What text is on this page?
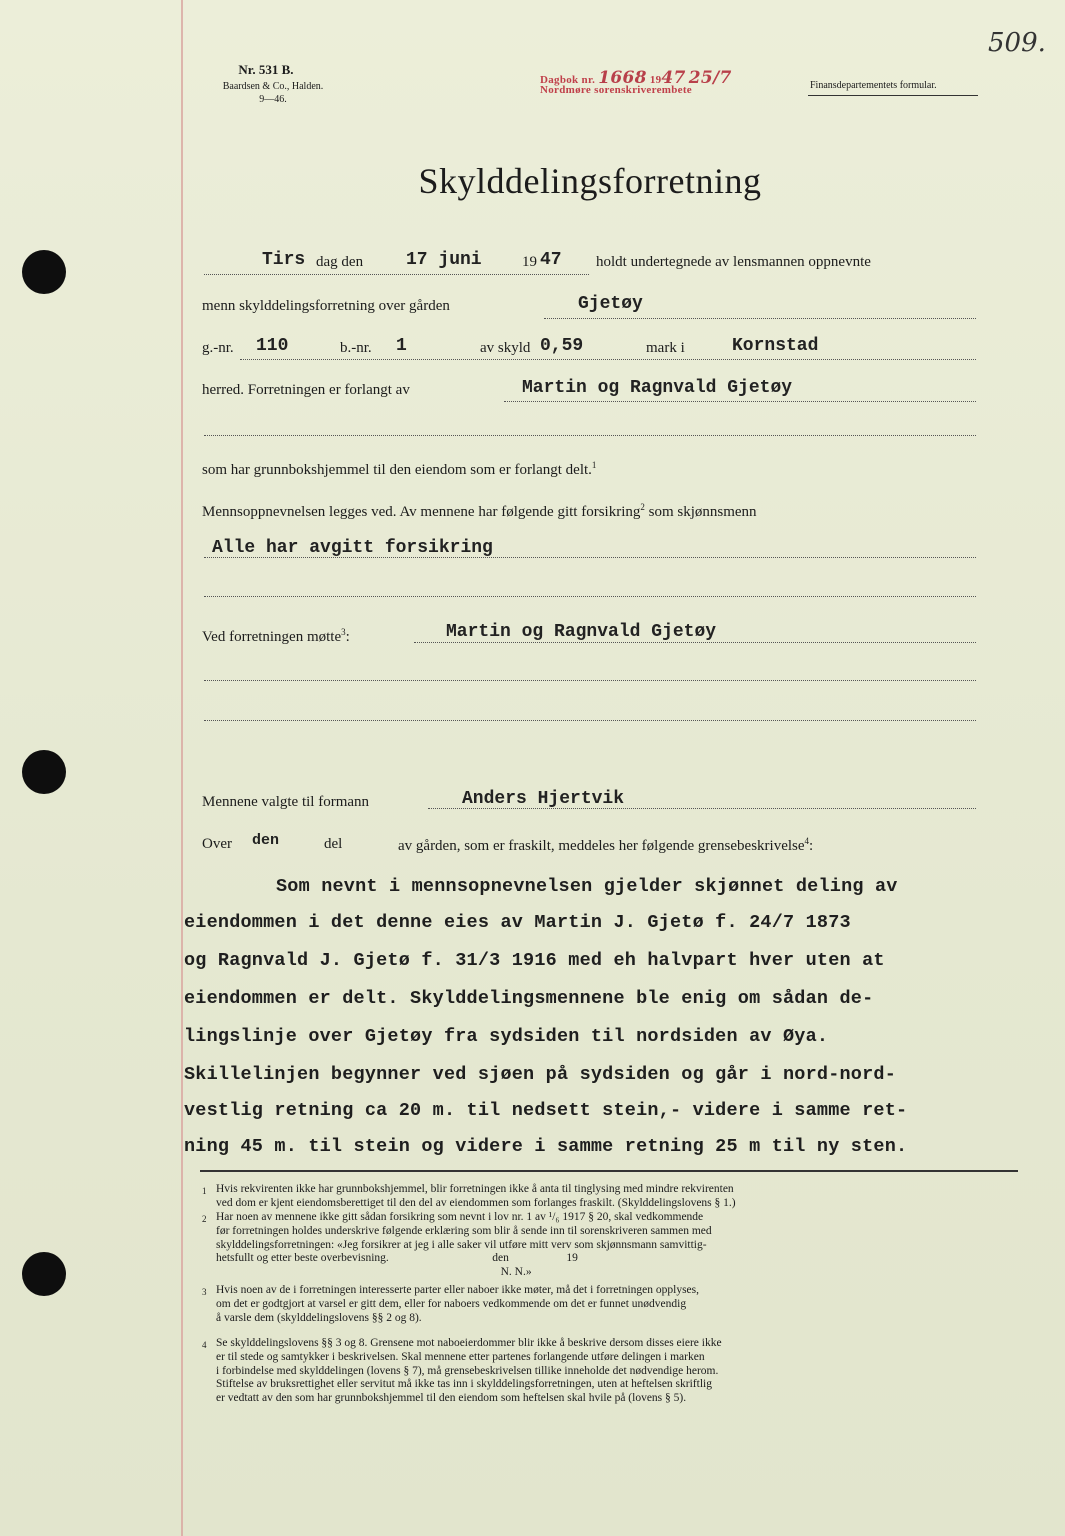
Nr. 531 B.
Baardsen & Co., Halden.
9—46.
Dagbok nr. 1668 1947 25/7
Nordmøre sorenskriverembete	Finansdepartementets formular.
509.
Skylddelingsforretning
Tirs dag den 17 juni	19 47 holdt undertegnede av lensmannen oppnevnte
menn skylddelingsforretning over gården	Gjetøy
g.-nr. 110	b.-nr. 1	av skyld 0,59	mark i	Kornstad
herred. Forretningen er forlangt av	Martin og Ragnvald Gjetøy
som har grunnbokshjemmel til den eiendom som er forlangt delt.$^1$
Mennsoppnevnelsen legges ved. Av mennene har følgende gitt forsikring$^2$ som skjønnsmenn
Alle har avgitt forsikring
Ved forretningen møtte$^3$:	Martin og Ragnvald Gjetøy
Mennene valgte til formann	Anders Hjertvik
Over den	del	av gården, som er fraskilt, meddeles her følgende grensebeskrivelse$^4$:
Som nevnt i mennsopnevnelsen gjelder skjønnet deling av
eiendommen i det denne eies av Martin J. Gjetø f. 24/7 1873
og Ragnvald J. Gjetø f. 31/3 1916 med eh halvpart hver uten at
eiendommen er delt. Skylddelingsmennene ble enig om sådan de-
lingslinje over Gjetøy fra sydsiden til nordsiden av Øya.
Skillelinjen begynner ved sjøen på sydsiden og går i nord-nord-
vestlig retning ca 20 m. til nedsett stein,- videre i samme ret-
ning 45 m. til stein og videre i samme retning 25 m til ny sten.
1 Hvis rekvirenten ikke har grunnbokshjemmel, blir forretningen ikke å anta til tinglysing med mindre rekvirenten
ved dom er kjent eiendomsberettiget til den del av eiendommen som forlanges fraskilt. (Skylddelingslovens § 1.)
2 Har noen av mennene ikke gitt sådan forsikring som nevnt i lov nr. 1 av ¹/₆ 1917 § 20, skal vedkommende
før forretningen holdes underskrive følgende erklæring som blir å sende inn til sorenskriveren sammen med
skylddelingsforretningen: «Jeg forsikrer at jeg i alle saker vil utføre mitt verv som skjønnsmann samvittig-
hetsfullt og etter beste overbevisning.                                    den                    19
N. N.»
3 Hvis noen av de i forretningen interesserte parter eller naboer ikke møter, må det i forretningen opplyses,
om det er godtgjort at varsel er gitt dem, eller for naboers vedkommende om det er funnet unødvendig
å varsle dem (skylddelingslovens §§ 2 og 8).
4 Se skylddelingslovens §§ 3 og 8. Grensene mot naboeierdommer blir ikke å beskrive dersom disses eiere ikke
er til stede og samtykker i beskrivelsen. Skal mennene etter partenes forlangende utføre delingen i marken
i forbindelse med skylddelingen (lovens § 7), må grensebeskrivelsen tillike inneholde det nødvendige herom.
Stiftelse av bruksrettighet eller servitut må ikke tas inn i skylddelingsforretningen, uten at heftelsen skriftlig
er vedtatt av den som har grunnbokshjemmel til den eiendom som heftelsen skal hvile på (lovens § 5).
